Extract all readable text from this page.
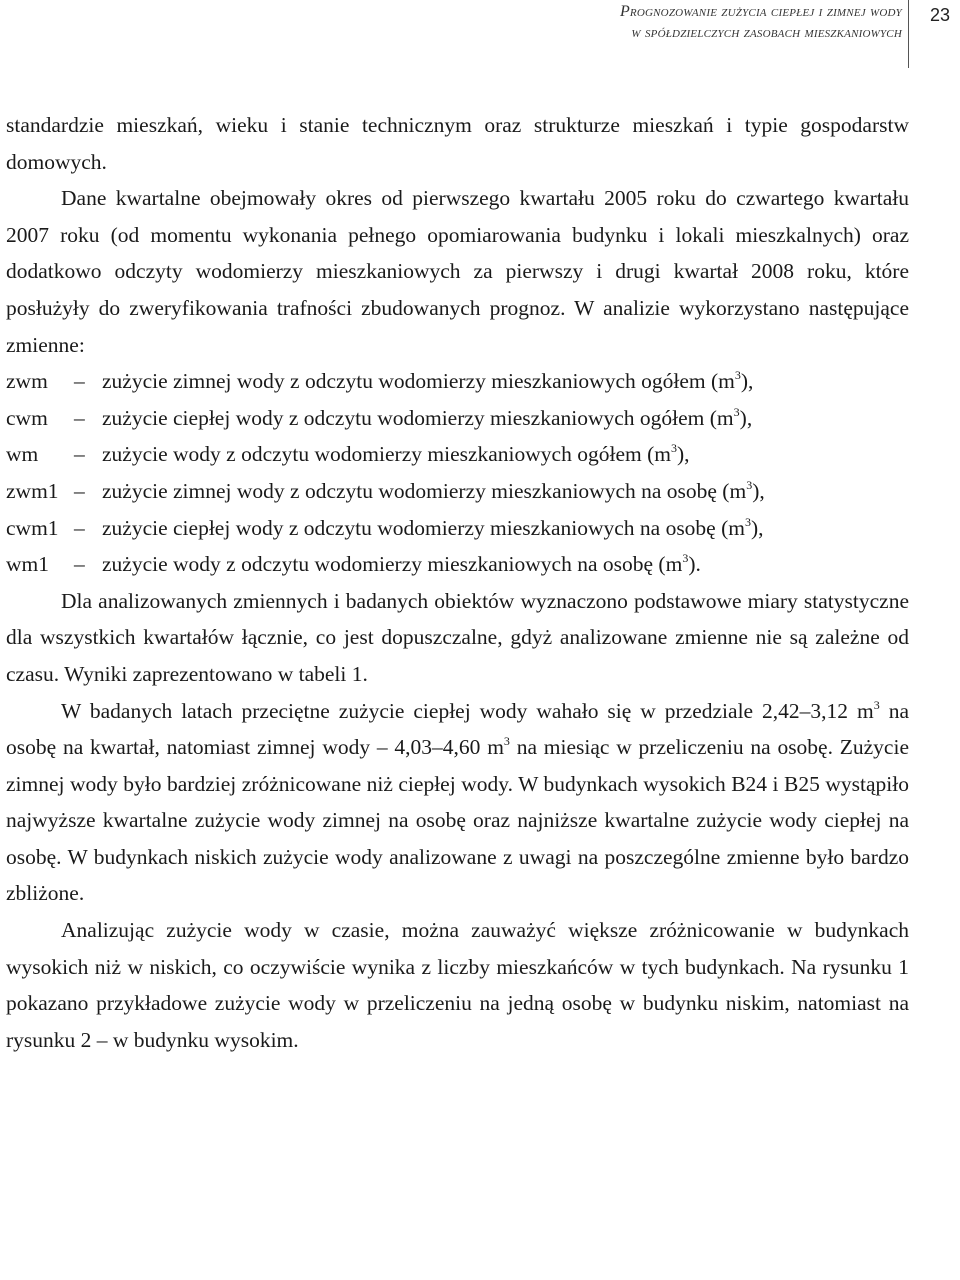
Prognozowanie zużycia ciepłej i zimnej wody
w spółdzielczych zasobach mieszkaniowych
23

standardzie mieszkań, wieku i stanie technicznym oraz strukturze mieszkań i typie gospodarstw domowych.

Dane kwartalne obejmowały okres od pierwszego kwartału 2005 roku do czwartego kwartału 2007 roku (od momentu wykonania pełnego opomiarowania budynku i lokali mieszkalnych) oraz dodatkowo odczyty wodomierzy mieszkaniowych za pierwszy i drugi kwartał 2008 roku, które posłużyły do zweryfikowania trafności zbudowanych prognoz. W analizie wykorzystano następujące zmienne:

zwm	– zużycie zimnej wody z odczytu wodomierzy mieszkaniowych ogółem $(m^3)$,
cwm	– zużycie ciepłej wody z odczytu wodomierzy mieszkaniowych ogółem $(m^3)$,
wm	– zużycie wody z odczytu wodomierzy mieszkaniowych ogółem $(m^3)$,
zwm1 – zużycie zimnej wody z odczytu wodomierzy mieszkaniowych na osobę $(m^3)$,
cwm1 – zużycie ciepłej wody z odczytu wodomierzy mieszkaniowych na osobę $(m^3)$,
wm1	– zużycie wody z odczytu wodomierzy mieszkaniowych na osobę $(m^3)$.

Dla analizowanych zmiennych i badanych obiektów wyznaczono podstawowe miary statystyczne dla wszystkich kwartałów łącznie, co jest dopuszczalne, gdyż analizowane zmienne nie są zależne od czasu. Wyniki zaprezentowano w tabeli 1.

W badanych latach przeciętne zużycie ciepłej wody wahało się w przedziale 2,42–3,12 $m^3$ na osobę na kwartał, natomiast zimnej wody – 4,03–4,60 $m^3$ na miesiąc w przeliczeniu na osobę. Zużycie zimnej wody było bardziej zróżnicowane niż ciepłej wody. W budynkach wysokich B24 i B25 wystąpiło najwyższe kwartalne zużycie wody zimnej na osobę oraz najniższe kwartalne zużycie wody ciepłej na osobę. W budynkach niskich zużycie wody analizowane z uwagi na poszczególne zmienne było bardzo zbliżone.

Analizując zużycie wody w czasie, można zauważyć większe zróżnicowanie w budynkach wysokich niż w niskich, co oczywiście wynika z liczby mieszkańców w tych budynkach. Na rysunku 1 pokazano przykładowe zużycie wody w przeliczeniu na jedną osobę w budynku niskim, natomiast na rysunku 2 – w budynku wysokim.
